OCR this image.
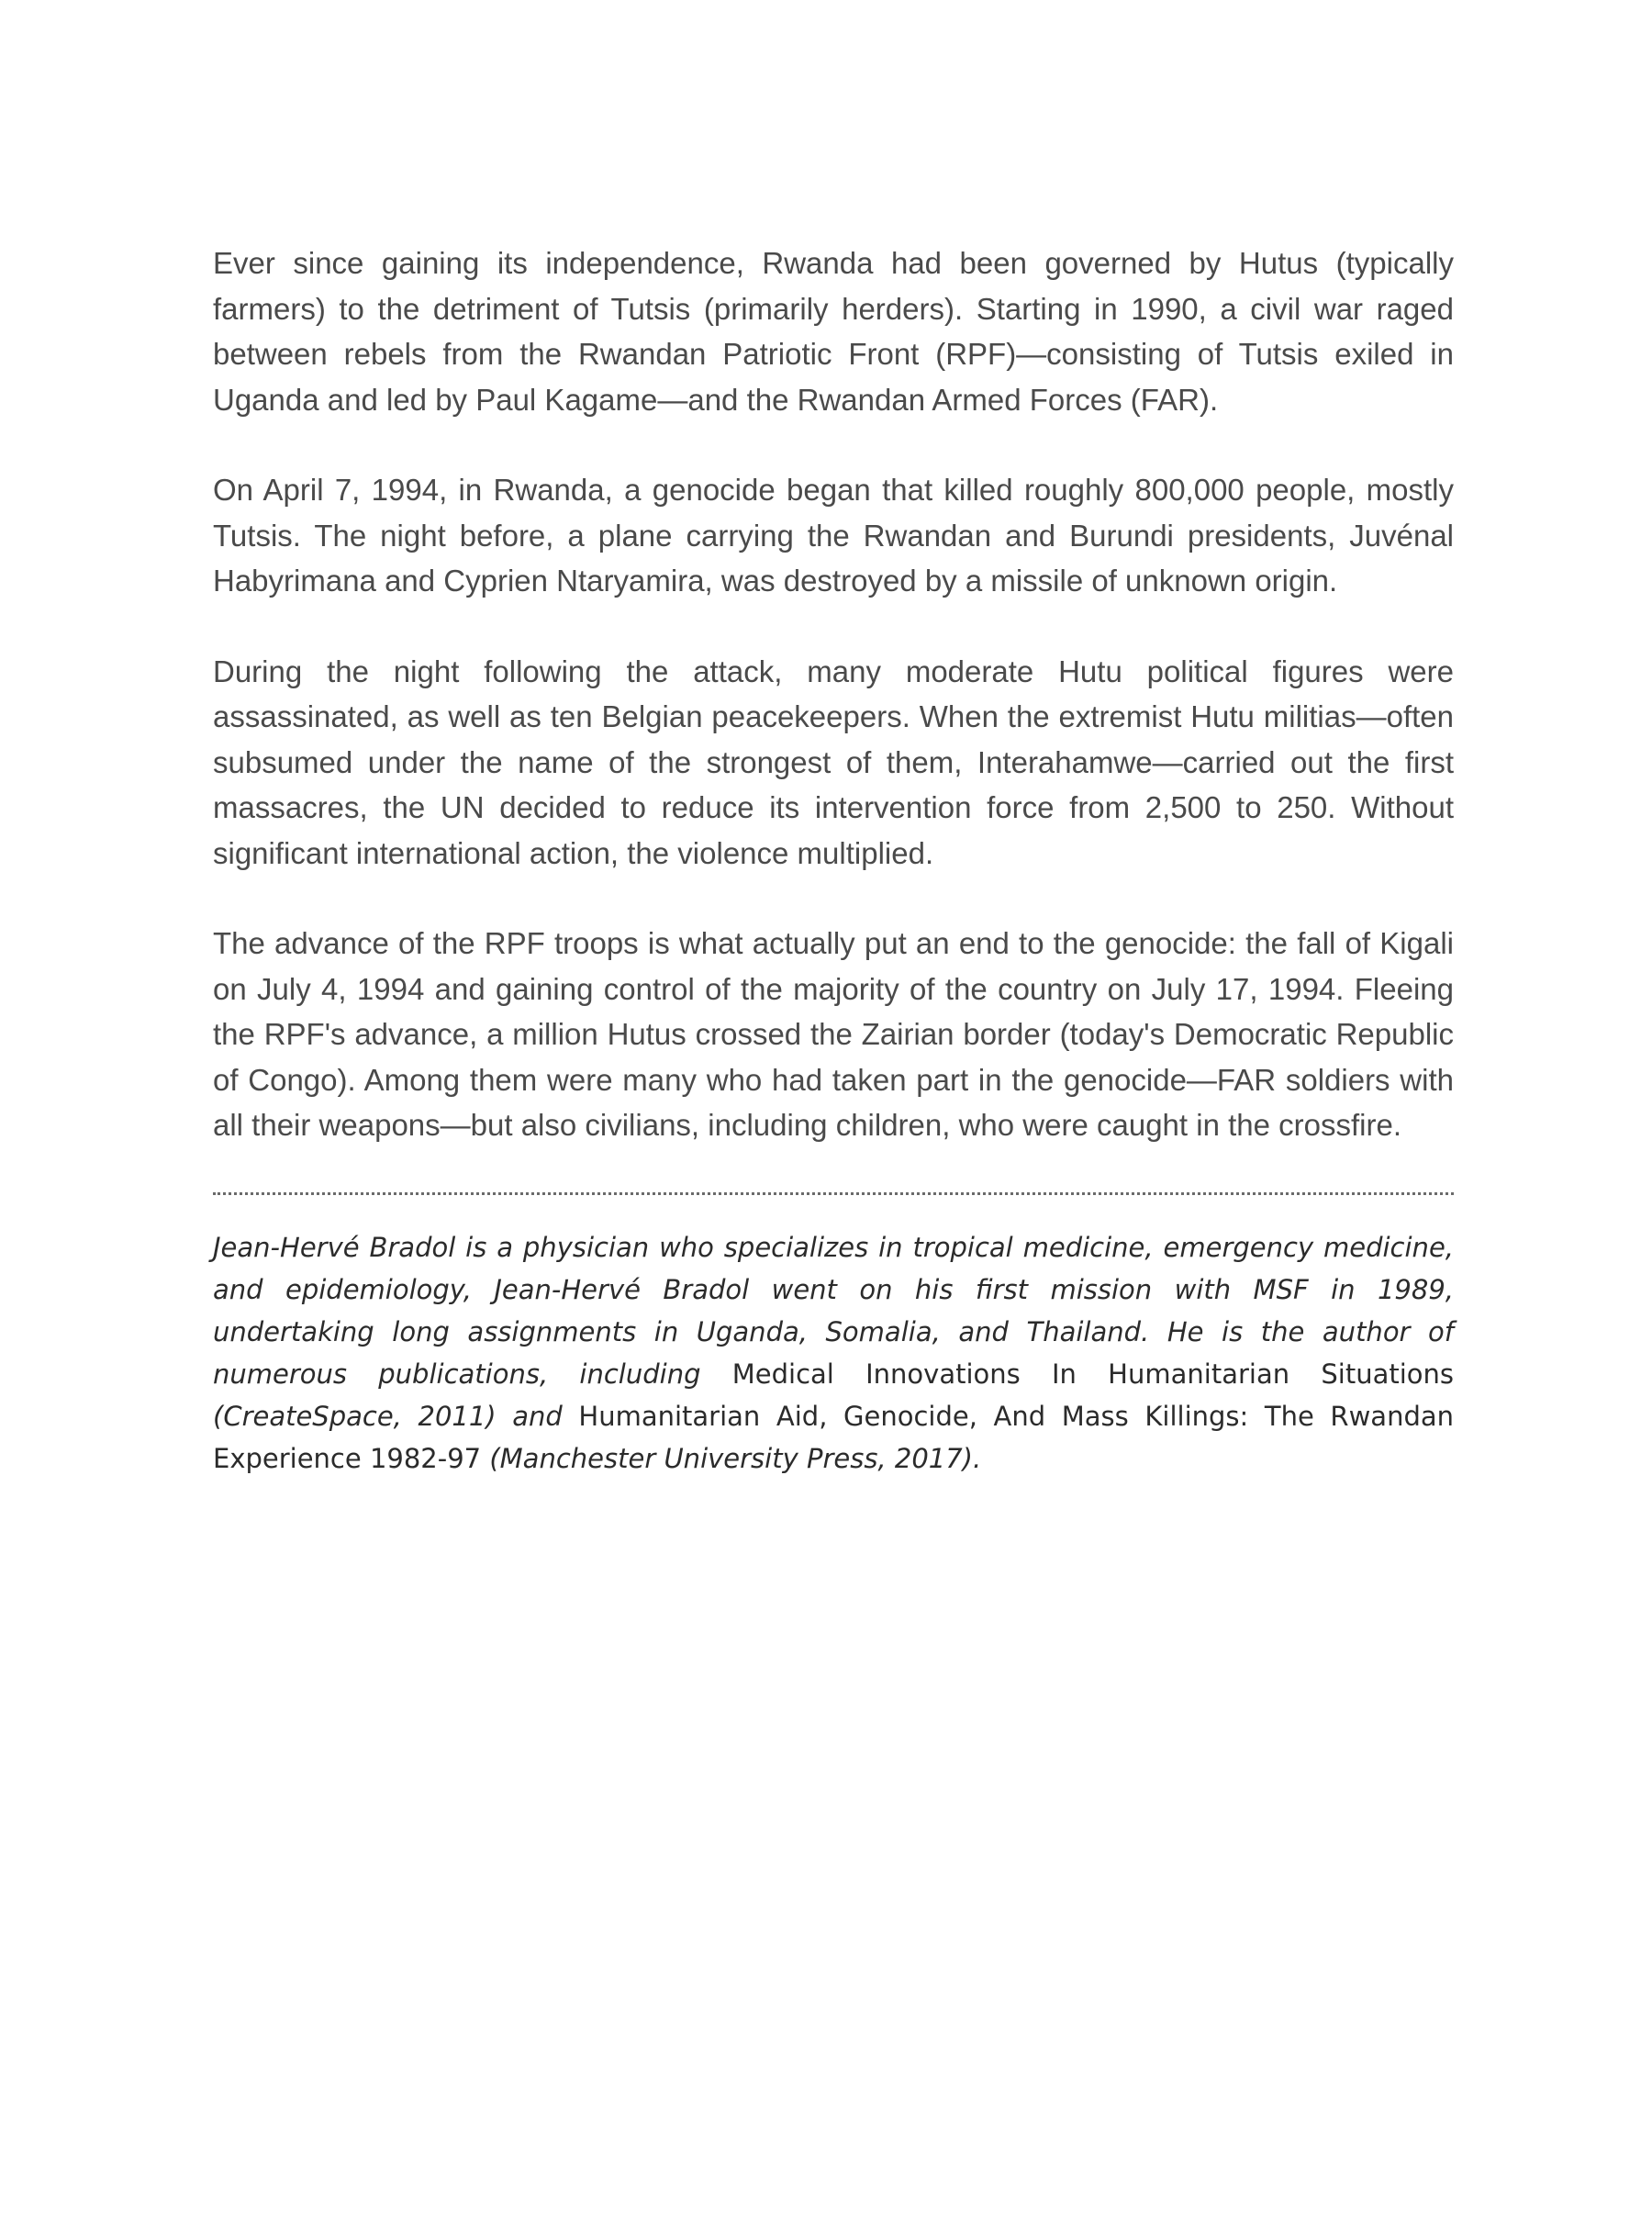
Ever since gaining its independence, Rwanda had been governed by Hutus (typically farmers) to the detriment of Tutsis (primarily herders). Starting in 1990, a civil war raged between rebels from the Rwandan Patriotic Front (RPF)—consisting of Tutsis exiled in Uganda and led by Paul Kagame—and the Rwandan Armed Forces (FAR).

On April 7, 1994, in Rwanda, a genocide began that killed roughly 800,000 people, mostly Tutsis. The night before, a plane carrying the Rwandan and Burundi presidents, Juvénal Habyrimana and Cyprien Ntaryamira, was destroyed by a missile of unknown origin.

During the night following the attack, many moderate Hutu political figures were assassinated, as well as ten Belgian peacekeepers. When the extremist Hutu militias—often subsumed under the name of the strongest of them, Interahamwe—carried out the first massacres, the UN decided to reduce its intervention force from 2,500 to 250. Without significant international action, the violence multiplied.

The advance of the RPF troops is what actually put an end to the genocide: the fall of Kigali on July 4, 1994 and gaining control of the majority of the country on July 17, 1994. Fleeing the RPF's advance, a million Hutus crossed the Zairian border (today's Democratic Republic of Congo). Among them were many who had taken part in the genocide—FAR soldiers with all their weapons—but also civilians, including children, who were caught in the crossfire.

Jean-Hervé Bradol is a physician who specializes in tropical medicine, emergency medicine, and epidemiology, Jean-Hervé Bradol went on his first mission with MSF in 1989, undertaking long assignments in Uganda, Somalia, and Thailand. He is the author of numerous publications, including Medical Innovations In Humanitarian Situations (CreateSpace, 2011) and Humanitarian Aid, Genocide, And Mass Killings: The Rwandan Experience 1982-97 (Manchester University Press, 2017).
